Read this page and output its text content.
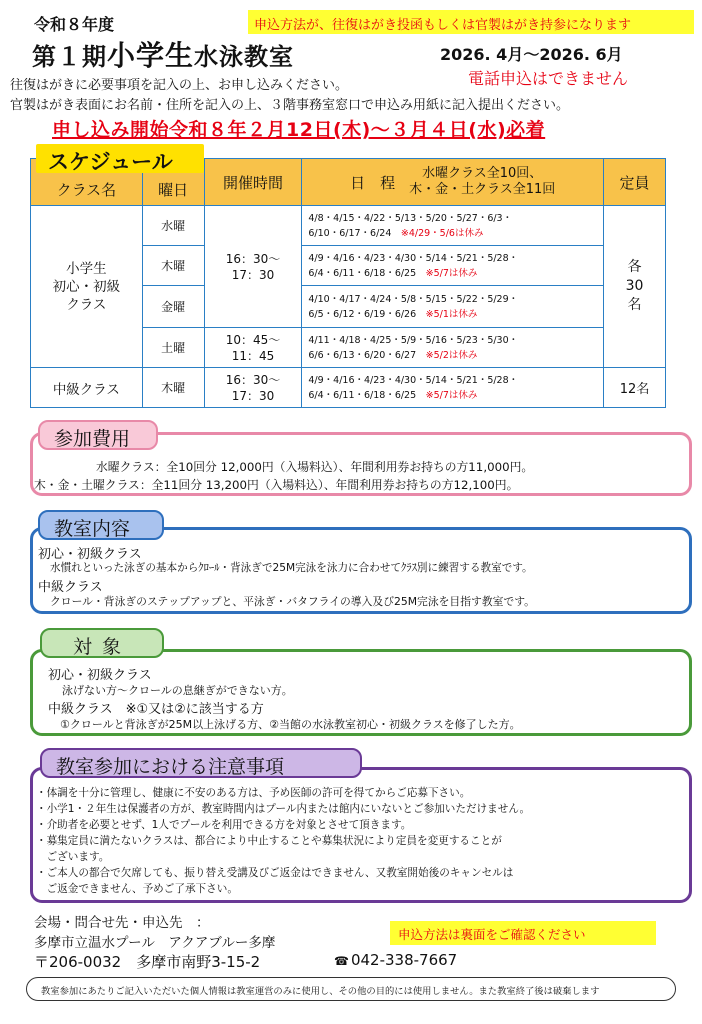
令和８年度	申込方法が、往復はがき投函もしくは官製はがき持参になります
第１期小学生水泳教室	2026. 4月～2026. 6月
電話申込はできません
往復はがきに必要事項を記入の上、お申し込みください。
官製はがき表面にお名前・住所を記入の上、３階事務室窓口で申込み用紙に記入提出ください。
申し込み開始令和８年２月12日(木)～３月４日(水)必着
スケジュール
クラス名	曜日	開催時間	日　程 水曜クラス全10回、
木・金・土クラス全11回	定員
小学生
初心・初級
クラス	水曜	16：30～
17：30	4/8・4/15・4/22・5/13・5/20・5/27・6/3・
6/10・6/17・6/24　 ※4/29・5/6は休み	各
30
名
	木曜		4/9・4/16・4/23・4/30・5/14・5/21・5/28・
6/4・6/11・6/18・6/25　 ※5/7は休み	
	金曜		4/10・4/17・4/24・5/8・5/15・5/22・5/29・
6/5・6/12・6/19・6/26　 ※5/1は休み	
	土曜	10：45～
11：45	4/11・4/18・4/25・5/9・5/16・5/23・5/30・
6/6・6/13・6/20・6/27　 ※5/2は休み	
中級クラス	木曜	16：30～
17：30	4/9・4/16・4/23・4/30・5/14・5/21・5/28・
6/4・6/11・6/18・6/25　 ※5/7は休み	12名
参加費用
水曜クラス：全10回分 12,000円（入場料込）、年間利用券お持ちの方11,000円。
木・金・土曜クラス：全11回分 13,200円（入場料込）、年間利用券お持ちの方12,100円。
教室内容
初心・初級クラス
水慣れといった泳ぎの基本からｸﾛｰﾙ・背泳ぎで25M完泳を泳力に合わせてｸﾗｽ別に練習する教室です。
中級クラス
クロール・背泳ぎのステップアップと、平泳ぎ・バタフライの導入及び25M完泳を目指す教室です。
対象
初心・初級クラス
泳げない方～クロールの息継ぎができない方。
中級クラス　※①又は②に該当する方
①クロールと背泳ぎが25M以上泳げる方、②当館の水泳教室初心・初級クラスを修了した方。
教室参加における注意事項
・体調を十分に管理し、健康に不安のある方は、予め医師の許可を得てからご応募下さい。
・小学1・２年生は保護者の方が、教室時間内はプール内または館内にいないとご参加いただけません。
・介助者を必要とせず、1人でプールを利用できる方を対象とさせて頂きます。
・募集定員に満たないクラスは、都合により中止することや募集状況により定員を変更することが
　ございます。
・ご本人の都合で欠席しても、振り替え受講及びご返金はできません、又教室開始後のキャンセルは
　ご返金できません、予めご了承下さい。
会場・問合せ先・申込先　：
多摩市立温水プール　アクアブルー多摩
〒206-0032　多摩市南野3-15-2	☎ 042-338-7667
申込方法は裏面をご確認ください
教室参加にあたりご記入いただいた個人情報は教室運営のみに使用し、その他の目的には使用しません。また教室終了後は破棄します
